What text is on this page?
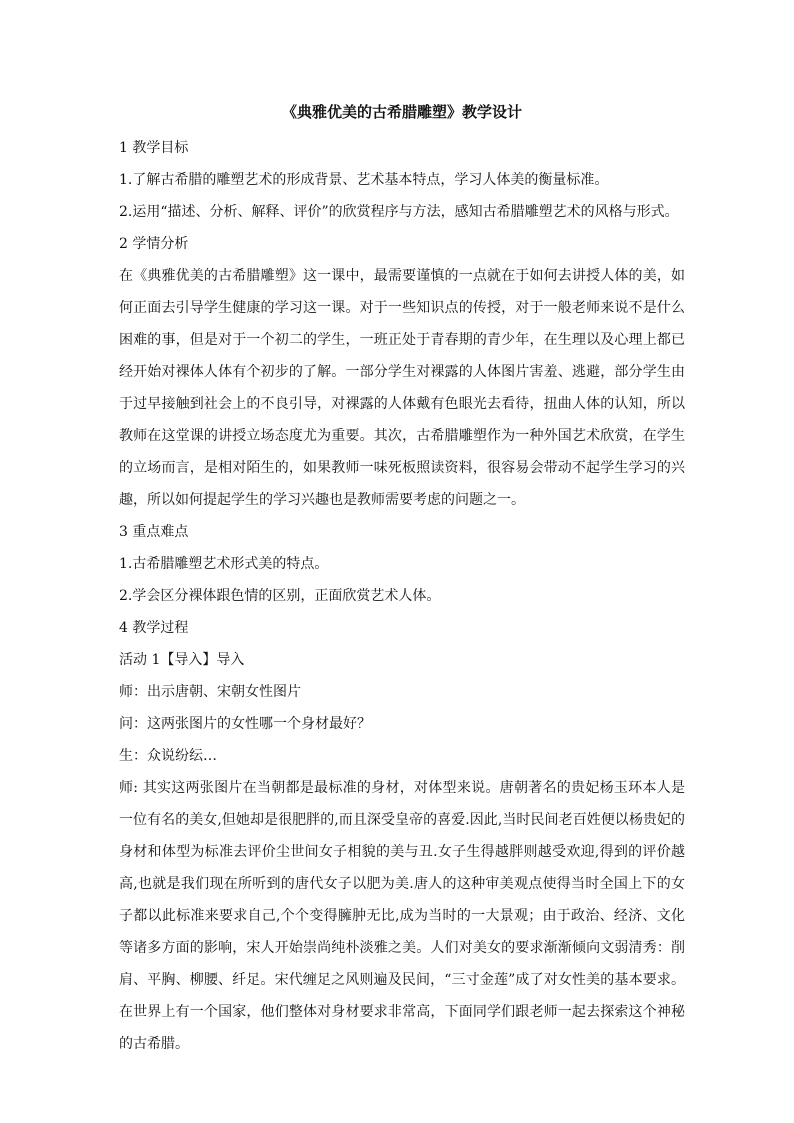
《典雅优美的古希腊雕塑》教学设计
1 教学目标
1.了解古希腊的雕塑艺术的形成背景、艺术基本特点，学习人体美的衡量标准。
2.运用“描述、分析、解释、评价”的欣赏程序与方法，感知古希腊雕塑艺术的风格与形式。
2 学情分析
在《典雅优美的古希腊雕塑》这一课中，最需要谨慎的一点就在于如何去讲授人体的美，如何正面去引导学生健康的学习这一课。对于一些知识点的传授，对于一般老师来说不是什么困难的事，但是对于一个初二的学生，一班正处于青春期的青少年，在生理以及心理上都已经开始对裸体人体有个初步的了解。一部分学生对裸露的人体图片害羞、逃避，部分学生由于过早接触到社会上的不良引导，对裸露的人体戴有色眼光去看待，扭曲人体的认知，所以教师在这堂课的讲授立场态度尤为重要。其次，古希腊雕塑作为一种外国艺术欣赏，在学生的立场而言，是相对陌生的，如果教师一味死板照读资料，很容易会带动不起学生学习的兴趣，所以如何提起学生的学习兴趣也是教师需要考虑的问题之一。
3 重点难点
1.古希腊雕塑艺术形式美的特点。
2.学会区分裸体跟色情的区别，正面欣赏艺术人体。
4 教学过程
活动 1【导入】导入
师：出示唐朝、宋朝女性图片
问：这两张图片的女性哪一个身材最好？
生：众说纷纭…
师: 其实这两张图片在当朝都是最标准的身材，对体型来说。唐朝著名的贵妃杨玉环本人是一位有名的美女,但她却是很肥胖的,而且深受皇帝的喜爱.因此,当时民间老百姓便以杨贵妃的身材和体型为标准去评价尘世间女子相貌的美与丑.女子生得越胖则越受欢迎,得到的评价越高,也就是我们现在所听到的唐代女子以肥为美.唐人的这种审美观点使得当时全国上下的女子都以此标准来要求自己,个个变得臃肿无比,成为当时的一大景观；由于政治、经济、文化等诸多方面的影响，宋人开始崇尚纯朴淡雅之美。人们对美女的要求渐渐倾向文弱清秀：削肩、平胸、柳腰、纤足。宋代缠足之风则遍及民间，“三寸金莲”成了对女性美的基本要求。在世界上有一个国家，他们整体对身材要求非常高，下面同学们跟老师一起去探索这个神秘的古希腊。
